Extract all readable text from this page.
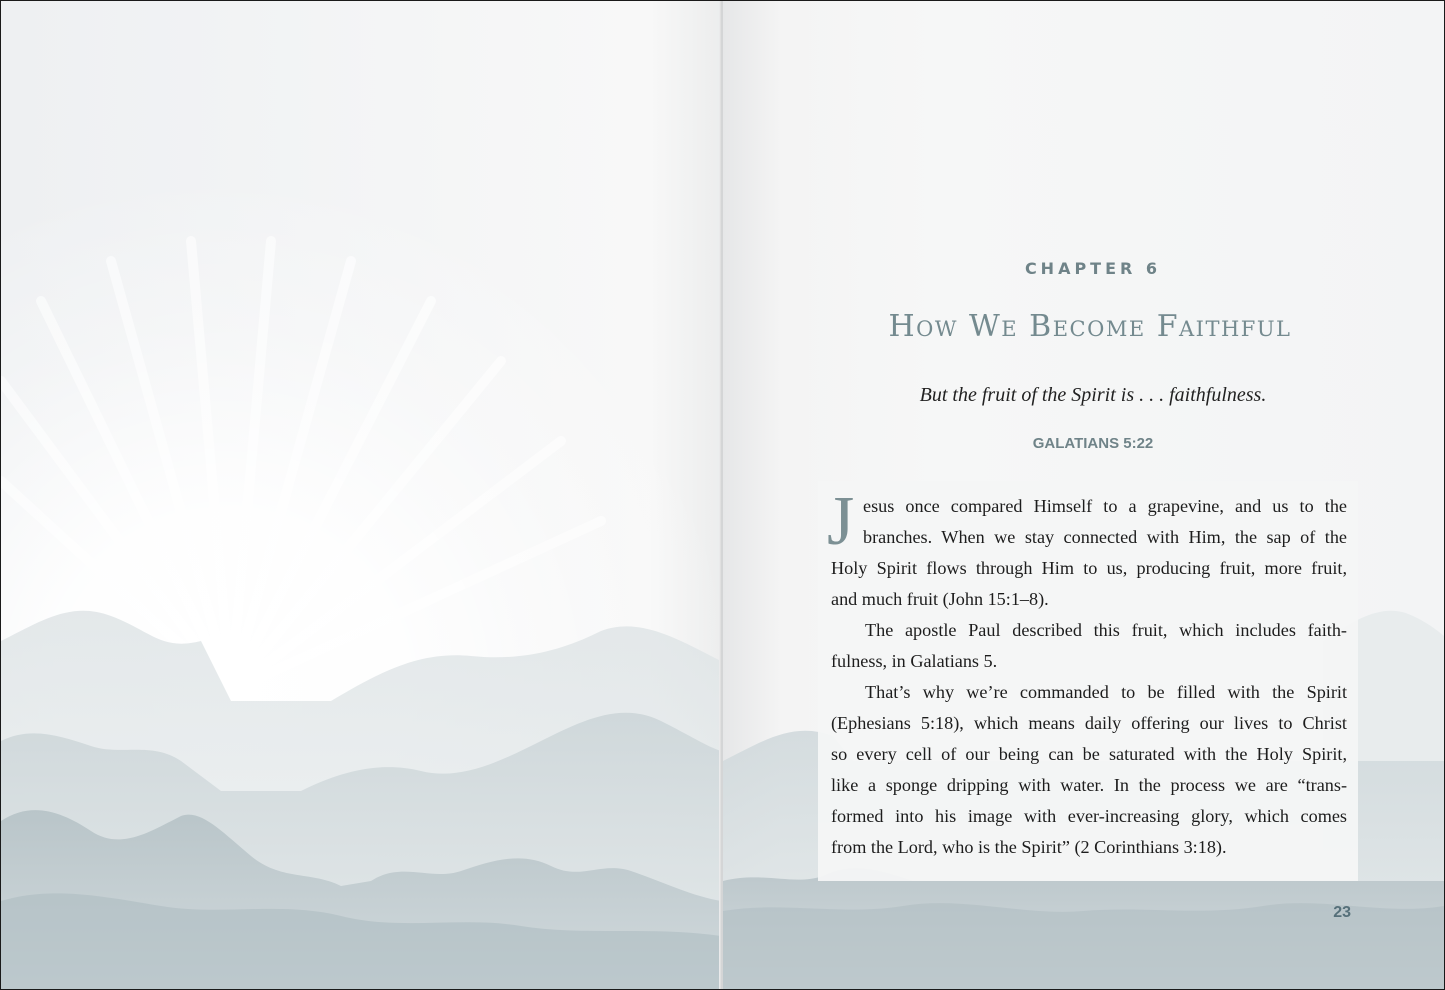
CHAPTER 6
How We Become Faithful
But the fruit of the Spirit is . . . faithfulness.
GALATIANS 5:22
J esus once compared Himself to a grapevine, and us to the
branches. When we stay connected with Him, the sap of the
Holy Spirit flows through Him to us, producing fruit, more fruit,
and much fruit (John 15:1–8).
The apostle Paul described this fruit, which includes faith-
fulness, in Galatians 5.
That’s why we’re commanded to be filled with the Spirit
(Ephesians 5:18), which means daily offering our lives to Christ
so every cell of our being can be saturated with the Holy Spirit,
like a sponge dripping with water. In the process we are “trans-
formed into his image with ever-increasing glory, which comes
from the Lord, who is the Spirit” (2 Corinthians 3:18).
23
